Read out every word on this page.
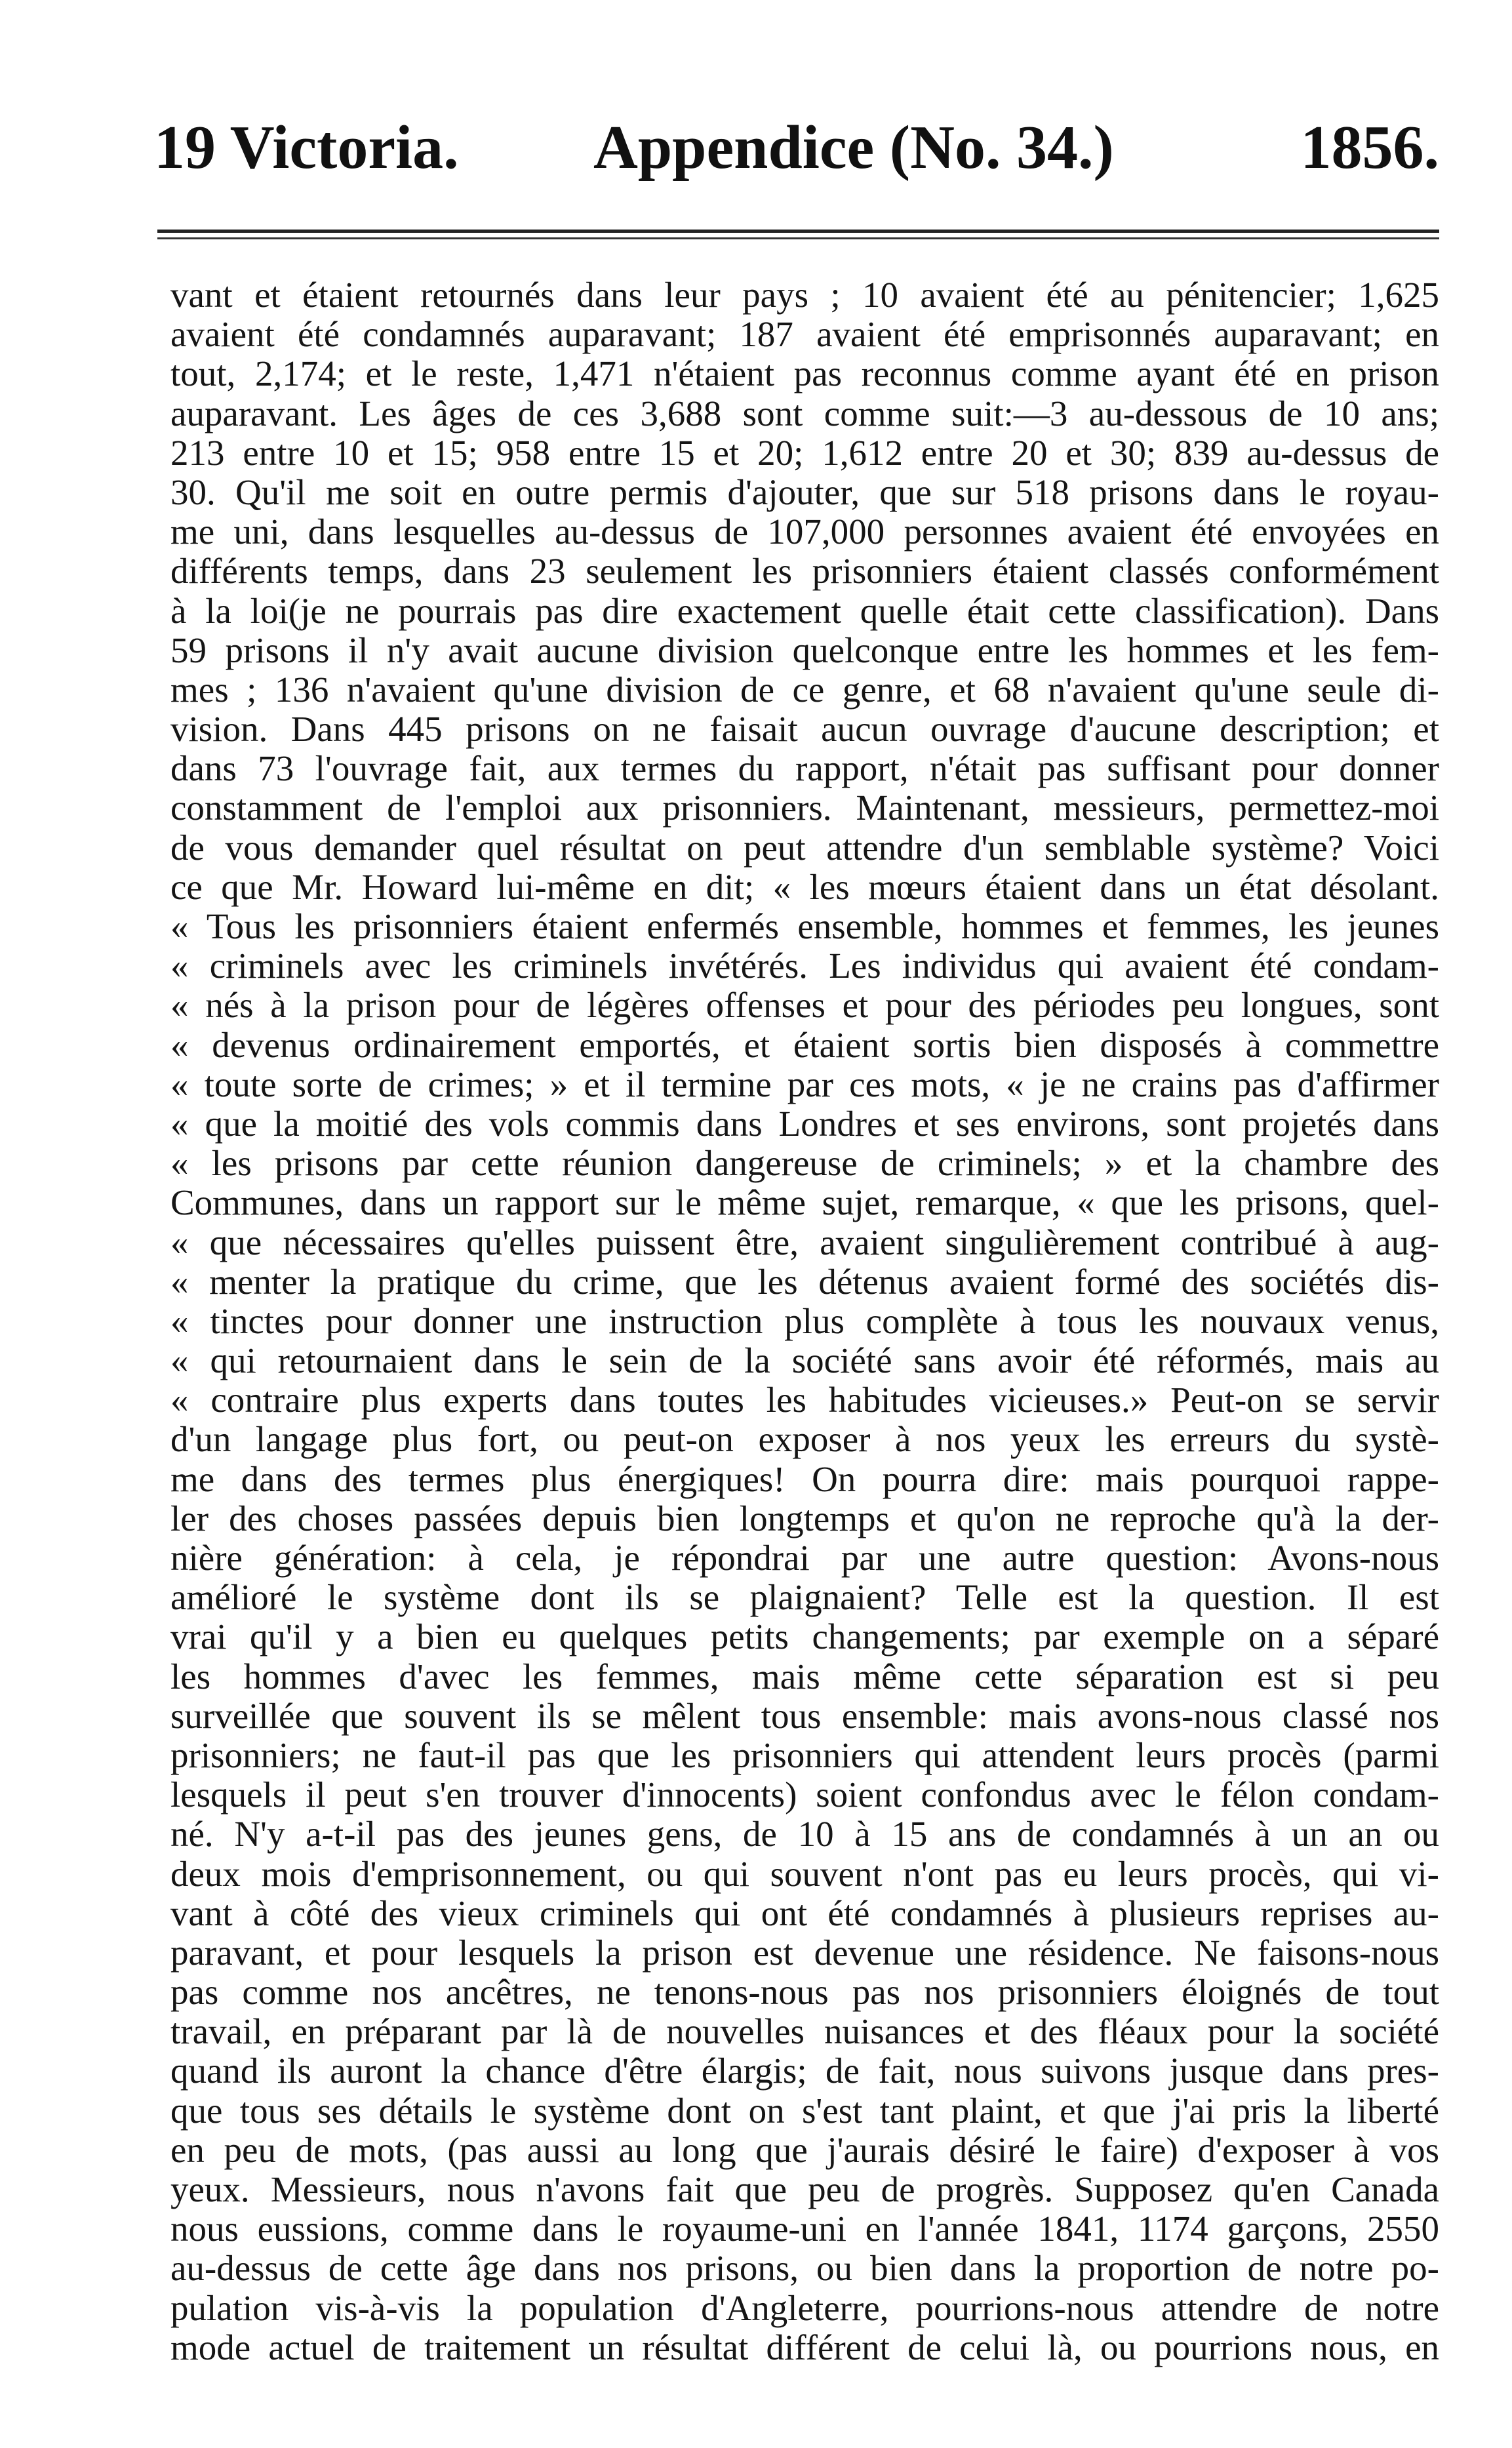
19 Victoria. Appendice (No. 34.)	1856.
vant et étaient retournés dans leur pays ; 10 avaient été au pénitencier; 1,625
avaient été condamnés auparavant; 187 avaient été emprisonnés auparavant; en
tout, 2,174; et le reste, 1,471 n'étaient pas reconnus comme ayant été en prison
auparavant. Les âges de ces 3,688 sont comme suit:—3 au-dessous de 10 ans;
213 entre 10 et 15; 958 entre 15 et 20; 1,612 entre 20 et 30; 839 au-dessus de
30. Qu'il me soit en outre permis d'ajouter, que sur 518 prisons dans le royau-
me uni, dans lesquelles au-dessus de 107,000 personnes avaient été envoyées en
différents temps, dans 23 seulement les prisonniers étaient classés conformément
à la loi(je ne pourrais pas dire exactement quelle était cette classification). Dans
59 prisons il n'y avait aucune division quelconque entre les hommes et les fem-
mes ; 136 n'avaient qu'une division de ce genre, et 68 n'avaient qu'une seule di-
vision. Dans 445 prisons on ne faisait aucun ouvrage d'aucune description; et
dans 73 l'ouvrage fait, aux termes du rapport, n'était pas suffisant pour donner
constamment de l'emploi aux prisonniers. Maintenant, messieurs, permettez-moi
de vous demander quel résultat on peut attendre d'un semblable système? Voici
ce que Mr. Howard lui-même en dit; « les mœurs étaient dans un état désolant.
« Tous les prisonniers étaient enfermés ensemble, hommes et femmes, les jeunes
« criminels avec les criminels invétérés. Les individus qui avaient été condam-
« nés à la prison pour de légères offenses et pour des périodes peu longues, sont
« devenus ordinairement emportés, et étaient sortis bien disposés à commettre
« toute sorte de crimes; » et il termine par ces mots, « je ne crains pas d'affirmer
« que la moitié des vols commis dans Londres et ses environs, sont projetés dans
« les prisons par cette réunion dangereuse de criminels; » et la chambre des
Communes, dans un rapport sur le même sujet, remarque, « que les prisons, quel-
« que nécessaires qu'elles puissent être, avaient singulièrement contribué à aug-
« menter la pratique du crime, que les détenus avaient formé des sociétés dis-
« tinctes pour donner une instruction plus complète à tous les nouvaux venus,
« qui retournaient dans le sein de la société sans avoir été réformés, mais au
« contraire plus experts dans toutes les habitudes vicieuses.» Peut-on se servir
d'un langage plus fort, ou peut-on exposer à nos yeux les erreurs du systè-
me dans des termes plus énergiques! On pourra dire: mais pourquoi rappe-
ler des choses passées depuis bien longtemps et qu'on ne reproche qu'à la der-
nière génération: à cela, je répondrai par une autre question: Avons-nous
amélioré le système dont ils se plaignaient? Telle est la question. Il est
vrai qu'il y a bien eu quelques petits changements; par exemple on a séparé
les hommes d'avec les femmes, mais même cette séparation est si peu
surveillée que souvent ils se mêlent tous ensemble: mais avons-nous classé nos
prisonniers; ne faut-il pas que les prisonniers qui attendent leurs procès (parmi
lesquels il peut s'en trouver d'innocents) soient confondus avec le félon condam-
né. N'y a-t-il pas des jeunes gens, de 10 à 15 ans de condamnés à un an ou
deux mois d'emprisonnement, ou qui souvent n'ont pas eu leurs procès, qui vi-
vant à côté des vieux criminels qui ont été condamnés à plusieurs reprises au-
paravant, et pour lesquels la prison est devenue une résidence. Ne faisons-nous
pas comme nos ancêtres, ne tenons-nous pas nos prisonniers éloignés de tout
travail, en préparant par là de nouvelles nuisances et des fléaux pour la société
quand ils auront la chance d'être élargis; de fait, nous suivons jusque dans pres-
que tous ses détails le système dont on s'est tant plaint, et que j'ai pris la liberté
en peu de mots, (pas aussi au long que j'aurais désiré le faire) d'exposer à vos
yeux. Messieurs, nous n'avons fait que peu de progrès. Supposez qu'en Canada
nous eussions, comme dans le royaume-uni en l'année 1841, 1174 garçons, 2550
au-dessus de cette âge dans nos prisons, ou bien dans la proportion de notre po-
pulation vis-à-vis la population d'Angleterre, pourrions-nous attendre de notre
mode actuel de traitement un résultat différent de celui là, ou pourrions nous, en
